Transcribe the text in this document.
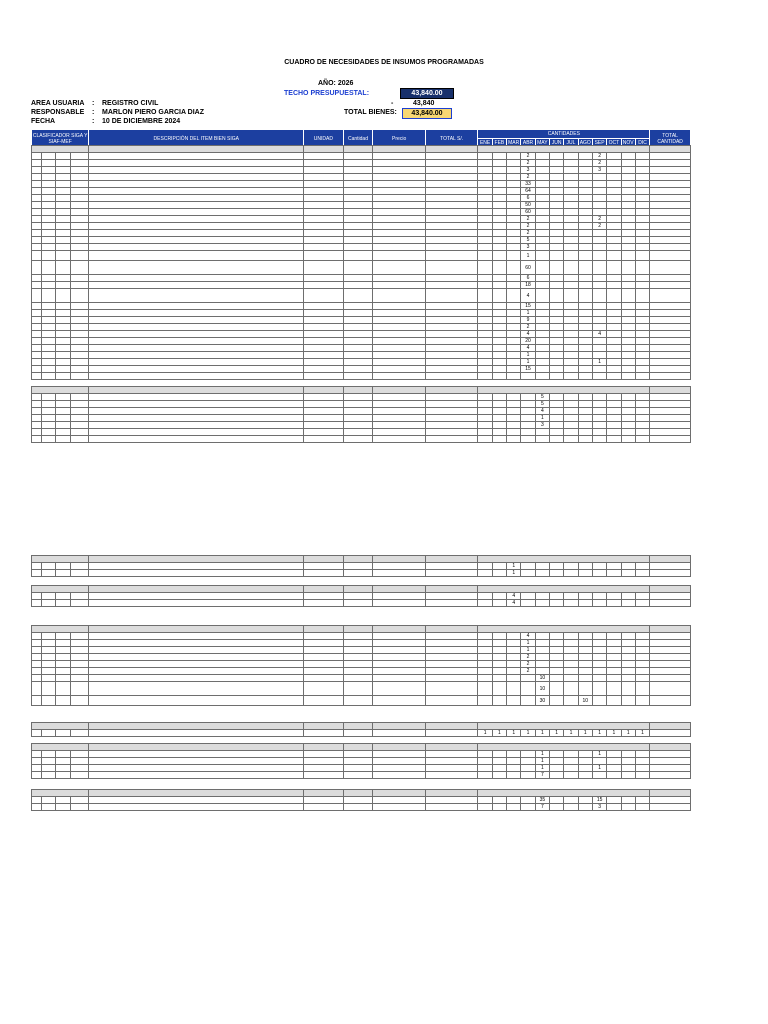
CUADRO DE NECESIDADES DE INSUMOS PROGRAMADAS
AÑO: 2026
TECHO PRESUPUESTAL:	43,840.00
AREA USUARIA : REGISTRO CIVIL	-	43,840
RESPONSABLE : MARLON PIERO GARCIA DIAZ	TOTAL BIENES:	43,840.00
FECHA	: 10 DE DICIEMBRE 2024
CLASIFICADOR SIGA Y SIAF-MEF	DESCRIPCIÓN DEL ITEM BIEN SIGA	UNIDAD	Cantidad	Precio	TOTAL S/.	CANTIDADES												TOTAL CANTIDAD
						ENE	FEB	MAR	ABR	MAY	JUN	JUL	AGO	SEP	OCT	NOV	DIC	

												2					2				
												2					2				
												3					3				
												2									
												33									
												64									
												6									
												50									
												60									
												2					2				
												2					2				
												2									
												5									
												3									
												1									
												60									
												6									
												18									
												4									
												15									
												1									
												9									
												2									
												4					4				
												20									
												4									
												1									
												1					1				
												15									

													5								
													5								
													4								
													1								
													3								

											1										
											1										

											4										
											4										

												4									
												1									
												1									
												2									
												2									
												2									
													10								
													10								
													30			10					

									1	1	1	1	1	1	1	1	1	1	1	1	

													1				1				
													1								
													1				1				
													7								

													35				15				
													7				3				
